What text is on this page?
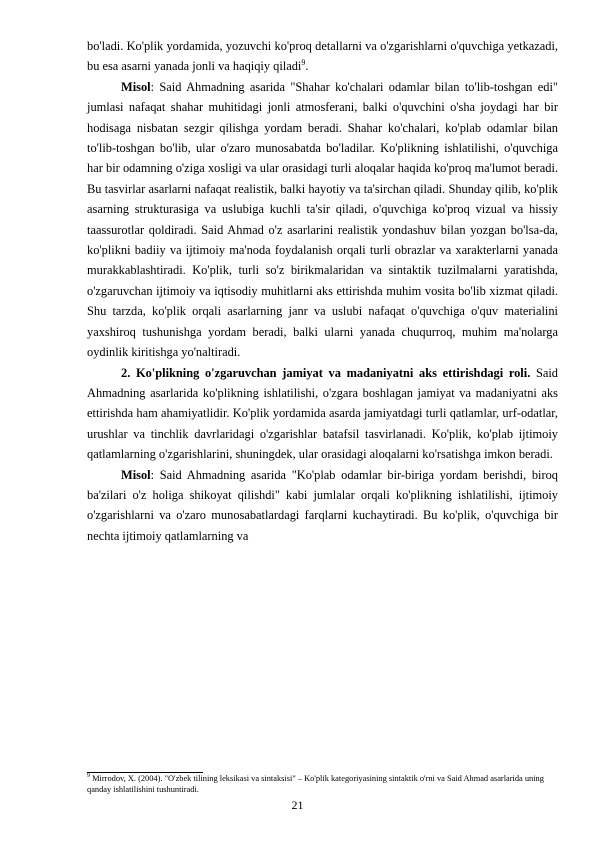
bo'ladi. Ko'plik yordamida, yozuvchi ko'proq detallarni va o'zgarishlarni o'quvchiga yetkazadi, bu esa asarni yanada jonli va haqiqiy qiladi$^9$.

Misol: Said Ahmadning asarida "Shahar ko'chalari odamlar bilan to'lib-toshgan edi" jumlasi nafaqat shahar muhitidagi jonli atmosferani, balki o'quvchini o'sha joydagi har bir hodisaga nisbatan sezgir qilishga yordam beradi. Shahar ko'chalari, ko'plab odamlar bilan to'lib-toshgan bo'lib, ular o'zaro munosabatda bo'ladilar. Ko'plikning ishlatilishi, o'quvchiga har bir odamning o'ziga xosligi va ular orasidagi turli aloqalar haqida ko'proq ma'lumot beradi. Bu tasvirlar asarlarni nafaqat realistik, balki hayotiy va ta'sirchan qiladi. Shunday qilib, ko'plik asarning strukturasiga va uslubiga kuchli ta'sir qiladi, o'quvchiga ko'proq vizual va hissiy taassurotlar qoldiradi. Said Ahmad o'z asarlarini realistik yondashuv bilan yozgan bo'lsa-da, ko'plikni badiiy va ijtimoiy ma'noda foydalanish orqali turli obrazlar va xarakterlarni yanada murakkablashtiradi. Ko'plik, turli so'z birikmalaridan va sintaktik tuzilmalarni yaratishda, o'zgaruvchan ijtimoiy va iqtisodiy muhitlarni aks ettirishda muhim vosita bo'lib xizmat qiladi. Shu tarzda, ko'plik orqali asarlarning janr va uslubi nafaqat o'quvchiga o'quv materialini yaxshiroq tushunishga yordam beradi, balki ularni yanada chuqurroq, muhim ma'nolarga oydinlik kiritishga yo'naltiradi.

2. Ko'plikning o'zgaruvchan jamiyat va madaniyatni aks ettirishdagi roli. Said Ahmadning asarlarida ko'plikning ishlatilishi, o'zgara boshlagan jamiyat va madaniyatni aks ettirishda ham ahamiyatlidir. Ko'plik yordamida asarda jamiyatdagi turli qatlamlar, urf-odatlar, urushlar va tinchlik davrlaridagi o'zgarishlar batafsil tasvirlanadi. Ko'plik, ko'plab ijtimoiy qatlamlarning o'zgarishlarini, shuningdek, ular orasidagi aloqalarni ko'rsatishga imkon beradi.

Misol: Said Ahmadning asarida "Ko'plab odamlar bir-biriga yordam berishdi, biroq ba'zilari o'z holiga shikoyat qilishdi" kabi jumlalar orqali ko'plikning ishlatilishi, ijtimoiy o'zgarishlarni va o'zaro munosabatlardagi farqlarni kuchaytiradi. Bu ko'plik, o'quvchiga bir nechta ijtimoiy qatlamlarning va

$^9$ Mirrodov, X. (2004). "O'zbek tilining leksikasi va sintaksisi" – Ko'plik kategoriyasining sintaktik o'rni va Said Ahmad asarlarida uning qanday ishlatilishini tushuntiradi.
21
